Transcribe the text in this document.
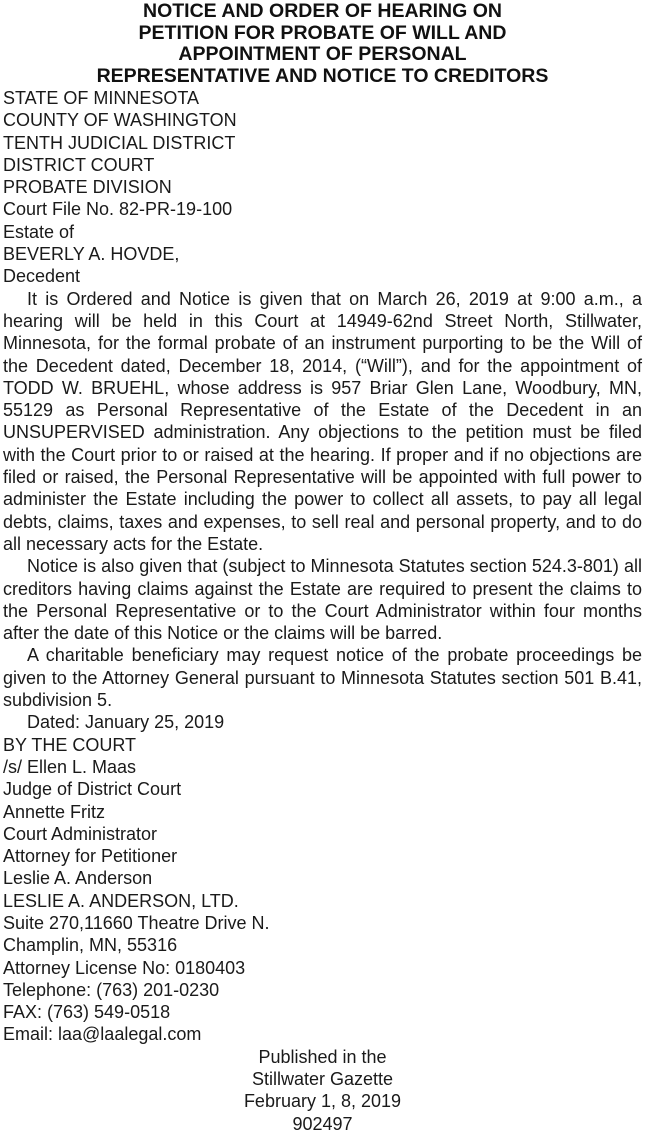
NOTICE AND ORDER OF HEARING ON
PETITION FOR PROBATE OF WILL AND
APPOINTMENT OF PERSONAL
REPRESENTATIVE AND NOTICE TO CREDITORS
STATE OF MINNESOTA
COUNTY OF WASHINGTON
TENTH JUDICIAL DISTRICT
DISTRICT COURT
PROBATE DIVISION
Court File No. 82-PR-19-100
Estate of
BEVERLY A. HOVDE,
Decedent

It is Ordered and Notice is given that on March 26, 2019 at 9:00 a.m., a hearing will be held in this Court at 14949-62nd Street North, Stillwater, Minnesota, for the formal probate of an instrument purporting to be the Will of the Decedent dated, December 18, 2014, (“Will”), and for the appointment of TODD W. BRUEHL, whose address is 957 Briar Glen Lane, Woodbury, MN, 55129 as Personal Representative of the Estate of the Decedent in an UNSUPERVISED administration. Any objections to the petition must be filed with the Court prior to or raised at the hearing. If proper and if no objections are filed or raised, the Personal Representative will be appointed with full power to administer the Estate including the power to collect all assets, to pay all legal debts, claims, taxes and expenses, to sell real and personal property, and to do all necessary acts for the Estate.

Notice is also given that (subject to Minnesota Statutes section 524.3-801) all creditors having claims against the Estate are required to present the claims to the Personal Representative or to the Court Administrator within four months after the date of this Notice or the claims will be barred.

A charitable beneficiary may request notice of the probate proceedings be given to the Attorney General pursuant to Minnesota Statutes section 501 B.41, subdivision 5.

Dated: January 25, 2019
BY THE COURT
/s/ Ellen L. Maas
Judge of District Court
Annette Fritz
Court Administrator
Attorney for Petitioner
Leslie A. Anderson
LESLIE A. ANDERSON, LTD.
Suite 270,11660 Theatre Drive N.
Champlin, MN, 55316
Attorney License No: 0180403
Telephone: (763) 201-0230
FAX: (763) 549-0518
Email: laa@laalegal.com
Published in the
Stillwater Gazette
February 1, 8, 2019
902497
